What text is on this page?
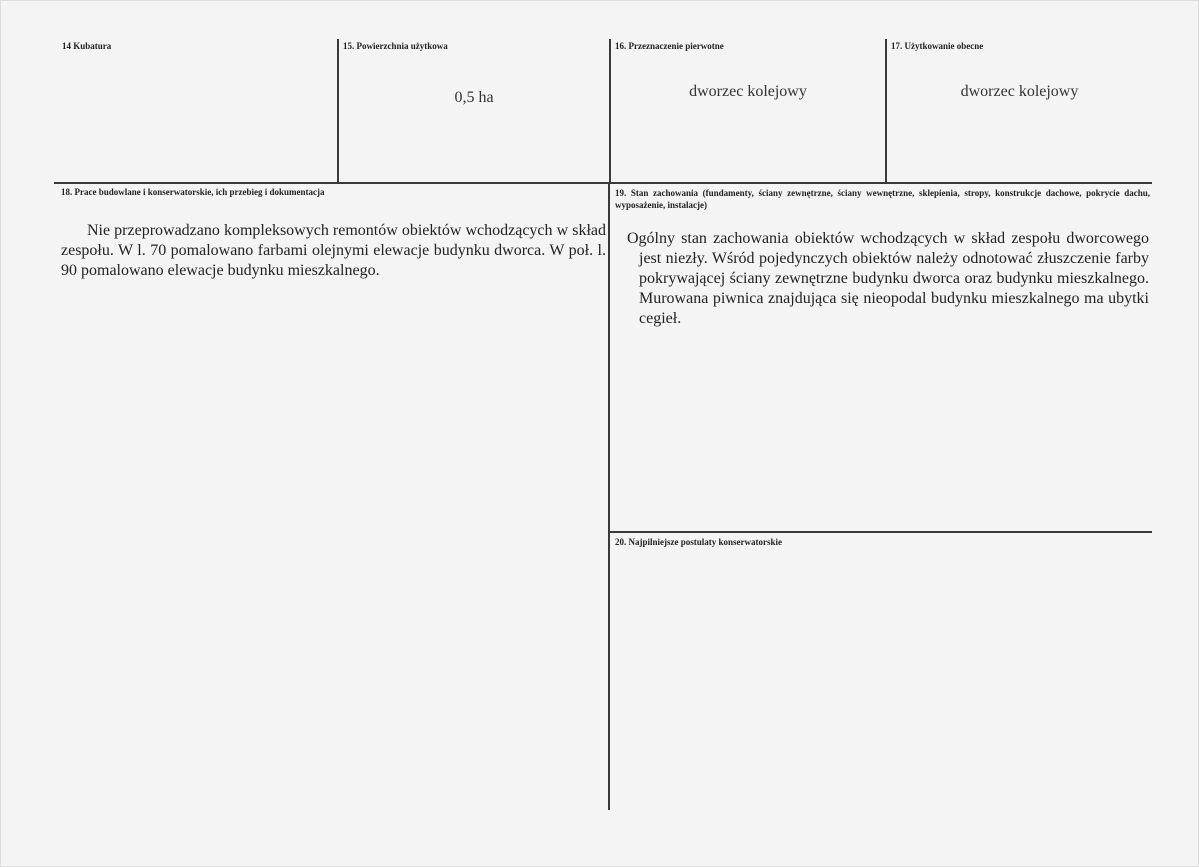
14 Kubatura	15. Powierzchnia użytkowa
0,5 ha
16. Przeznaczenie pierwotne
dworzec kolejowy
17. Użytkowanie obecne
dworzec kolejowy
18. Prace budowlane i konserwatorskie, ich przebieg i dokumentacja
Nie przeprowadzano kompleksowych remontów obiektów wchodzących w skład zespołu. W l. 70 pomalowano farbami olejnymi elewacje budynku dworca. W poł. l. 90 pomalowano elewacje budynku mieszkalnego.
19. Stan zachowania (fundamenty, ściany zewnętrzne, ściany wewnętrzne, sklepienia, stropy, konstrukcje dachowe, pokrycie dachu, wyposażenie, instalacje)
Ogólny stan zachowania obiektów wchodzących w skład zespołu dworcowego jest niezły. Wśród pojedynczych obiektów należy odnotować złuszczenie farby pokrywającej ściany zewnętrzne budynku dworca oraz budynku mieszkalnego. Murowana piwnica znajdująca się nieopodal budynku mieszkalnego ma ubytki cegieł.
20. Najpilniejsze postulaty konserwatorskie
